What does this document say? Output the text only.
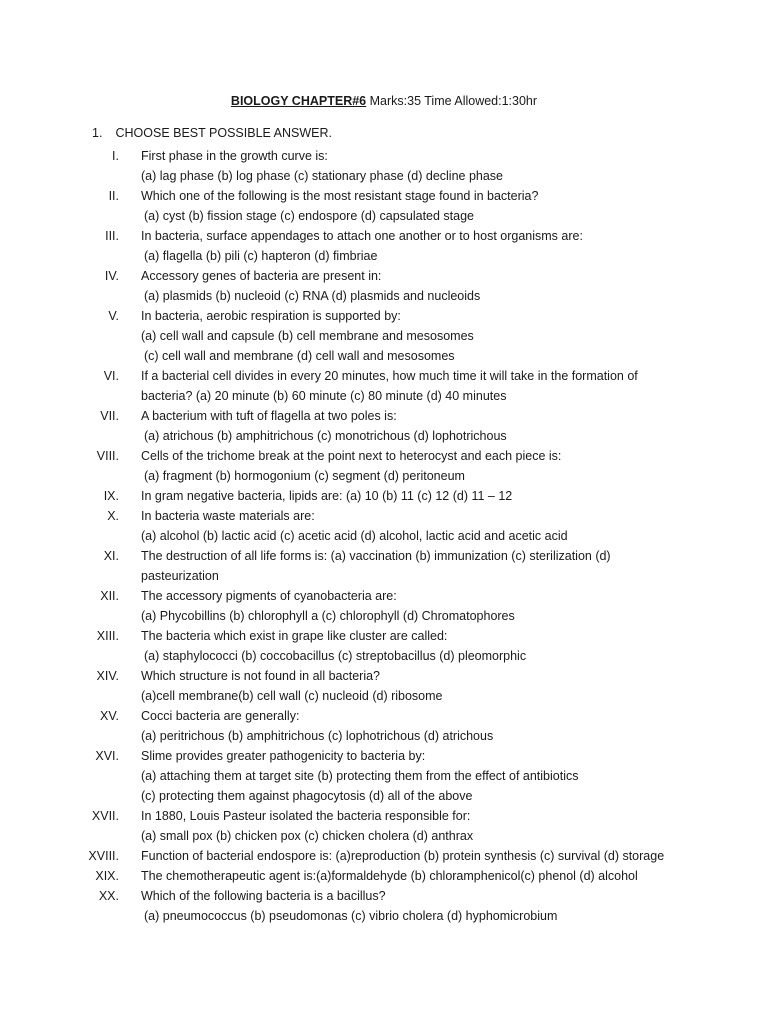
BIOLOGY CHAPTER#6 Marks:35 Time Allowed:1:30hr
1. CHOOSE BEST POSSIBLE ANSWER.
I. First phase in the growth curve is:
(a) lag phase (b) log phase (c) stationary phase (d) decline phase
II. Which one of the following is the most resistant stage found in bacteria?
(a) cyst (b) fission stage (c) endospore (d) capsulated stage
III. In bacteria, surface appendages to attach one another or to host organisms are:
(a) flagella (b) pili (c) hapteron (d) fimbriae
IV. Accessory genes of bacteria are present in:
(a) plasmids (b) nucleoid (c) RNA (d) plasmids and nucleoids
V. In bacteria, aerobic respiration is supported by:
(a) cell wall and capsule (b) cell membrane and mesosomes
(c) cell wall and membrane (d) cell wall and mesosomes
VI. If a bacterial cell divides in every 20 minutes, how much time it will take in the formation of
bacteria? (a) 20 minute (b) 60 minute (c) 80 minute (d) 40 minutes
VII. A bacterium with tuft of flagella at two poles is:
(a) atrichous (b) amphitrichous (c) monotrichous (d) lophotrichous
VIII. Cells of the trichome break at the point next to heterocyst and each piece is:
(a) fragment (b) hormogonium (c) segment (d) peritoneum
IX. In gram negative bacteria, lipids are: (a) 10 (b) 11 (c) 12 (d) 11 – 12
X. In bacteria waste materials are:
(a) alcohol (b) lactic acid (c) acetic acid (d) alcohol, lactic acid and acetic acid
XI. The destruction of all life forms is: (a) vaccination (b) immunization (c) sterilization (d)
pasteurization
XII. The accessory pigments of cyanobacteria are:
(a) Phycobillins (b) chlorophyll a (c) chlorophyll (d) Chromatophores
XIII. The bacteria which exist in grape like cluster are called:
(a) staphylococci (b) coccobacillus (c) streptobacillus (d) pleomorphic
XIV. Which structure is not found in all bacteria?
(a)cell membrane(b) cell wall (c) nucleoid (d) ribosome
XV. Cocci bacteria are generally:
(a) peritrichous (b) amphitrichous (c) lophotrichous (d) atrichous
XVI. Slime provides greater pathogenicity to bacteria by:
(a) attaching them at target site (b) protecting them from the effect of antibiotics
(c) protecting them against phagocytosis (d) all of the above
XVII. In 1880, Louis Pasteur isolated the bacteria responsible for:
(a) small pox (b) chicken pox (c) chicken cholera (d) anthrax
XVIII. Function of bacterial endospore is: (a)reproduction (b) protein synthesis (c) survival (d) storage
XIX. The chemotherapeutic agent is:(a)formaldehyde (b) chloramphenicol(c) phenol (d) alcohol
XX. Which of the following bacteria is a bacillus?
(a) pneumococcus (b) pseudomonas (c) vibrio cholera (d) hyphomicrobium
